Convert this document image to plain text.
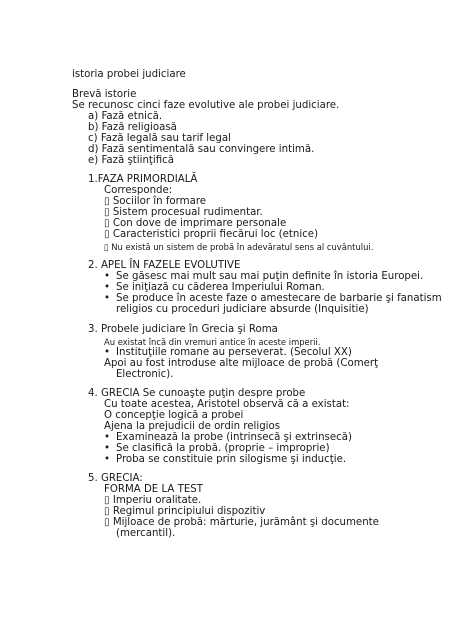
istoria probei judiciare
Brevă istorie
Se recunosc cinci faze evolutive ale probei judiciare.
a) Fază etnică.
b) Fază religioasă
c) Fază legală sau tarif legal
d) Fază sentimentală sau convingere intimă.
e) Fază ştiinţifică
1.FAZA PRIMORDIALĂ
Corresponde:
▯ Sociilor în formare
▯ Sistem procesual rudimentar.
▯ Con dove de imprimare personale
▯ Caracteristici proprii fiecărui loc (etnice)
▯ Nu există un sistem de probă în adevăratul sens al cuvântului.
2. APEL ÎN FAZELE EVOLUTIVE
• Se găsesc mai mult sau mai puţin definite în istoria Europei.
• Se iniţiază cu căderea Imperiului Roman.
• Se produce în aceste faze o amestecare de barbarie şi fanatism
religios cu proceduri judiciare absurde (Inquisitie)
3. Probele judiciare în Grecia şi Roma
Au existat încă din vremuri antice în aceste imperii.
• Instituţiile romane au perseverat. (Secolul XX)
Apoi au fost introduse alte mijloace de probă (Comerţ
Electronic).
4. GRECIA Se cunoaşte puţin despre probe
Cu toate acestea, Aristotel observă că a existat:
O concepţie logică a probei
Ajena la prejudicii de ordin religios
• Examinează la probe (intrinsecă şi extrinsecă)
• Se clasifică la probă. (proprie – improprie)
• Proba se constituie prin silogisme şi inducţie.
5. GRECIA:
FORMA DE LA TEST
▯ Imperiu oralitate.
▯ Regimul principiului dispozitiv
▯ Mijloace de probă: mărturie, jurământ şi documente
(mercantil).
